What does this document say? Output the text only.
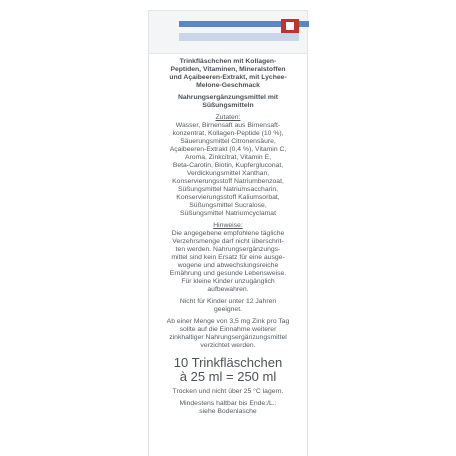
Trinkfläschchen mit Kollagen-
Peptiden, Vitaminen, Mineralstoffen
und Açaibeeren-Extrakt, mit Lychee-
Melone-Geschmack
Nahrungsergänzungsmittel mit
Süßungsmitteln
Zutaten:
Wasser, Birnensaft aus Birnensaft-
konzentrat, Kollagen-Peptide (10 %),
Säuerungsmittel Citronensäure,
Açaibeeren-Extrakt (0,4 %), Vitamin C,
Aroma, Zinkcitrat, Vitamin E,
Beta-Carotin, Biotin, Kupfergluconat,
Verdickungsmittel Xanthan,
Konservierungsstoff Natriumbenzoat,
Süßungsmittel Natriumsaccharin,
Konservierungsstoff Kaliumsorbat,
Süßungsmittel Sucralose,
Süßungsmittel Natriumcyclamat
Hinweise:
Die angegebene empfohlene tägliche
Verzehrsmenge darf nicht überschrit-
ten werden. Nahrungsergänzungs-
mittel sind kein Ersatz für eine ausge-
wogene und abwechslungsreiche
Ernährung und gesunde Lebensweise.
Für kleine Kinder unzugänglich
aufbewahren.
Nicht für Kinder unter 12 Jahren
geeignet.
Ab einer Menge von 3,5 mg Zink pro Tag
sollte auf die Einnahme weiterer
zinkhaltiger Nahrungsergänzungsmittel
verzichtet werden.
10 Trinkfläschchen
à 25 ml = 250 ml
Trocken und nicht über 25 °C lagern.
Mindestens haltbar bis Ende:/L.:
siehe Bodenlasche
